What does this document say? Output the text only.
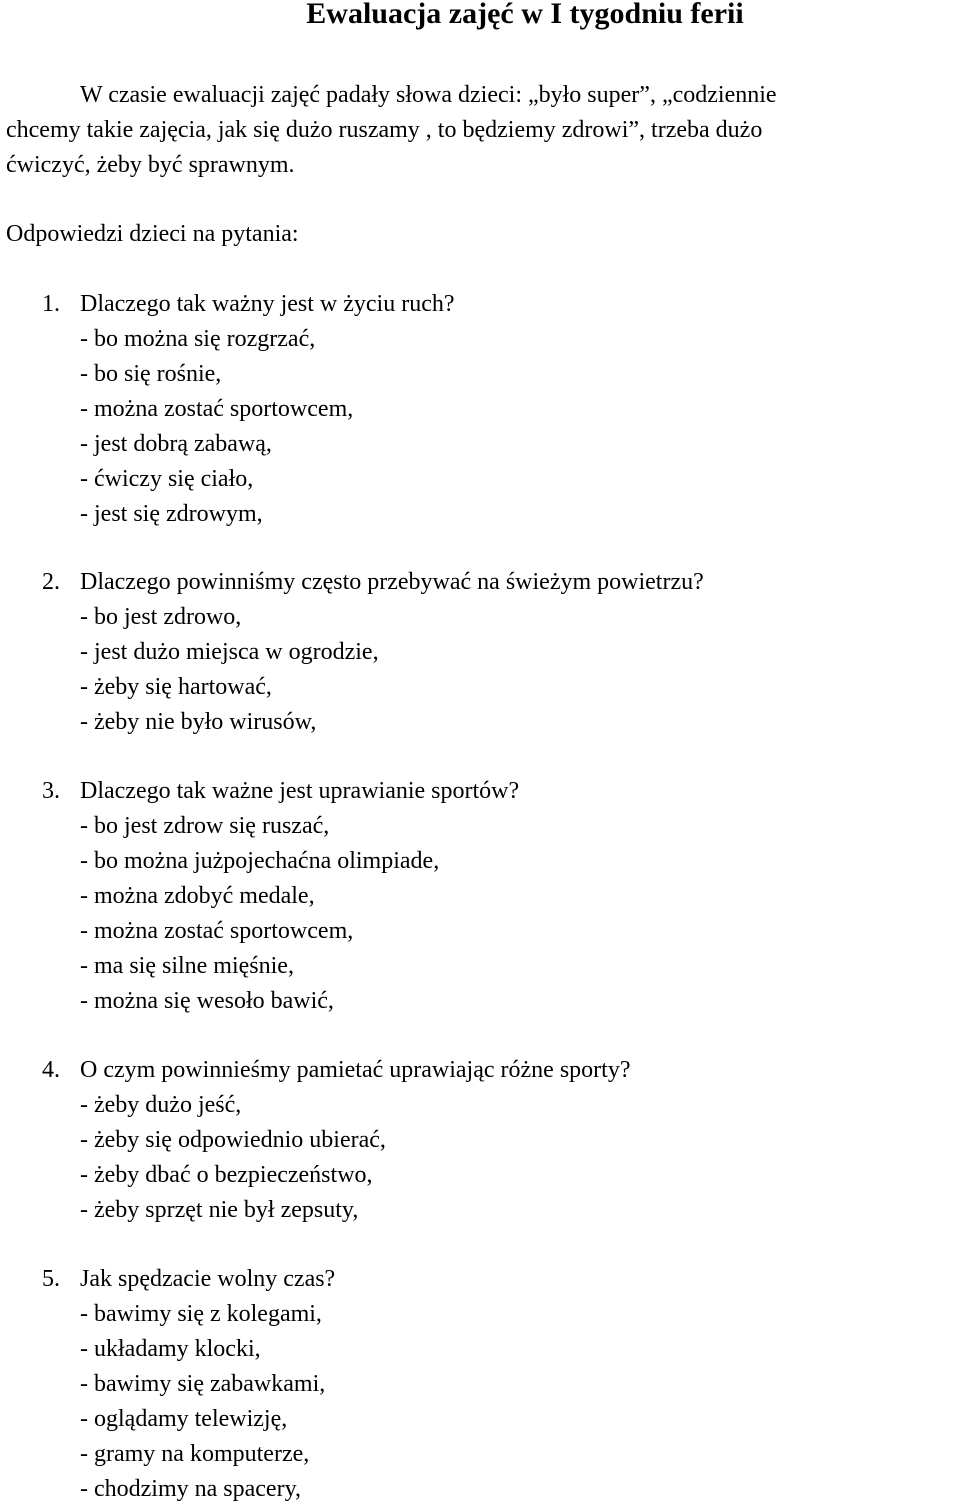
Ewaluacja zajęć w I tygodniu ferii
W czasie ewaluacji zajęć padały słowa dzieci: „było super”, „codziennie
chcemy takie zajęcia, jak się dużo ruszamy , to będziemy zdrowi”, trzeba dużo
ćwiczyć, żeby być sprawnym.
Odpowiedzi dzieci na pytania:
1. Dlaczego tak ważny jest w życiu ruch?
- bo można się rozgrzać,
- bo się rośnie,
- można zostać sportowcem,
- jest dobrą zabawą,
- ćwiczy się ciało,
- jest się zdrowym,
2. Dlaczego powinniśmy często przebywać na świeżym powietrzu?
- bo jest zdrowo,
- jest dużo miejsca w ogrodzie,
- żeby się hartować,
- żeby nie było wirusów,
3. Dlaczego tak ważne jest uprawianie sportów?
- bo jest zdrow się ruszać,
- bo można jużpojechaćna olimpiade,
- można zdobyć medale,
- można zostać sportowcem,
- ma się silne mięśnie,
- można się wesoło bawić,
4. O czym powinnieśmy pamietać uprawiając różne sporty?
- żeby dużo jeść,
- żeby się odpowiednio ubierać,
- żeby dbać o bezpieczeństwo,
- żeby sprzęt nie był zepsuty,
5. Jak spędzacie wolny czas?
- bawimy się z kolegami,
- układamy klocki,
- bawimy się zabawkami,
- oglądamy telewizję,
- gramy na komputerze,
- chodzimy na spacery,
